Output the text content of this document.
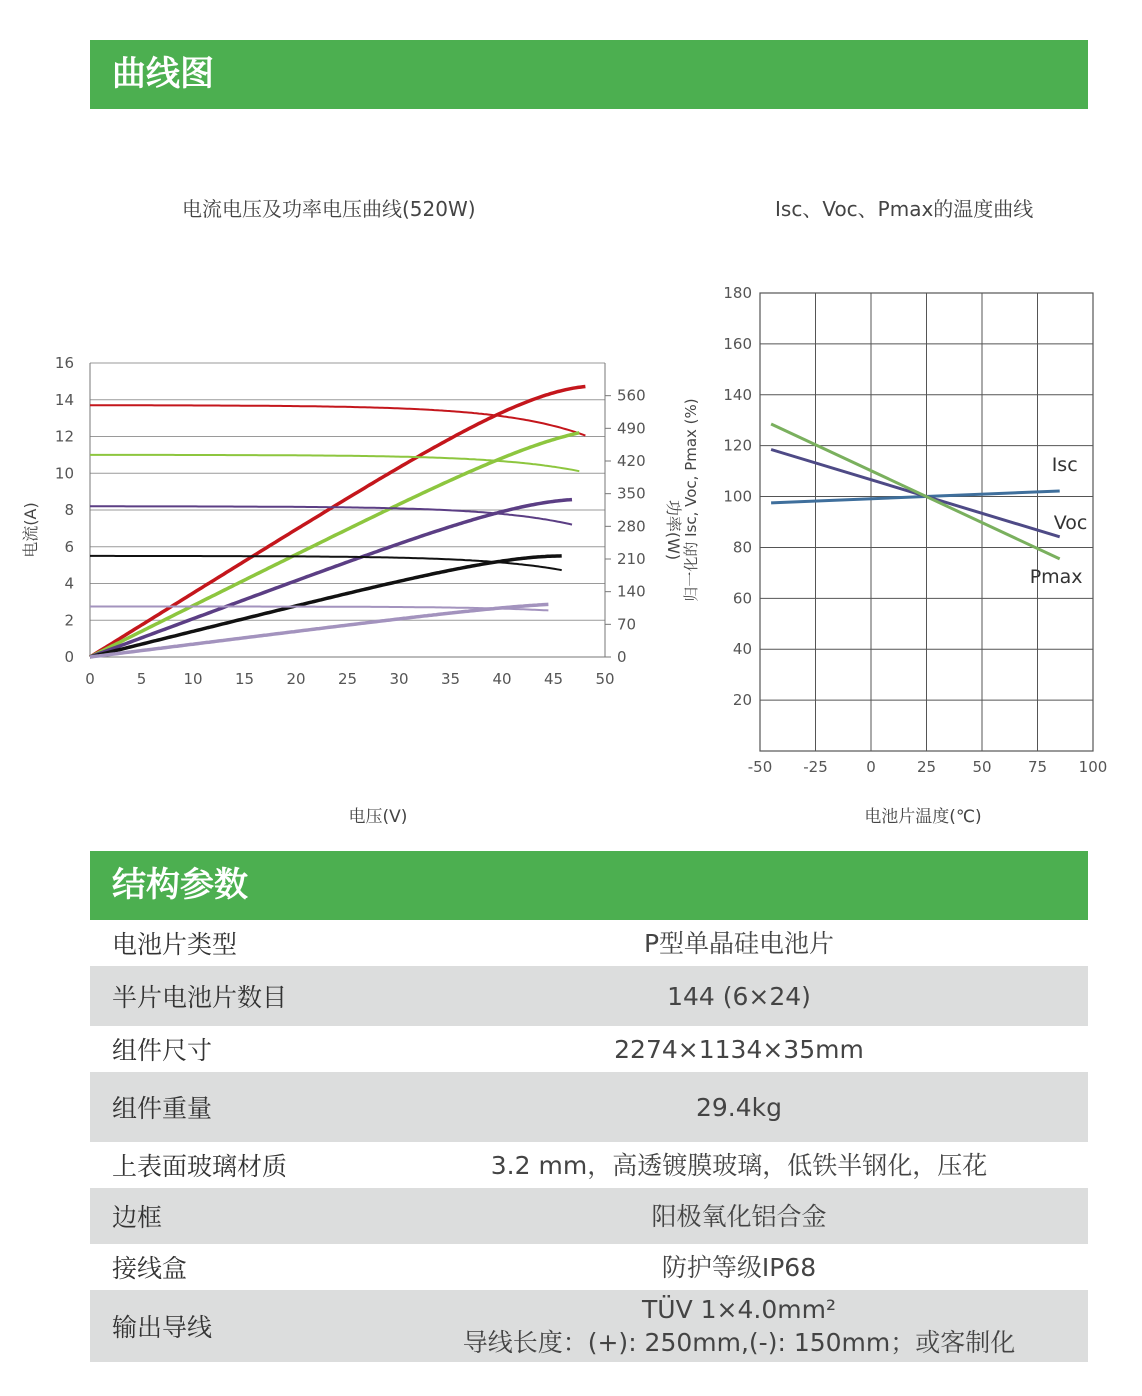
曲线图
电流电压及功率电压曲线(520W)	Isc、Voc、Pmax的温度曲线
0
2
4
6
8
10
12
14
16
0	5 10 15 20 25 30 35 40 45 50
0
70
140
210
280
350
420
490
560
电压(V)
电流(A)	功率(W)
20
40
60
80
100
120
140
160
180
-50 -25	0	25 50 75 100
电池片温度(℃)
归一化的 Isc, Voc, Pmax (%)	Isc
Voc
Pmax
结构参数
电池片类型	P型单晶硅电池片
半片电池片数目	144 (6×24)
组件尺寸	2274×1134×35mm
组件重量	29.4kg
上表面玻璃材质	3.2 mm，高透镀膜玻璃，低铁半钢化，压花
边框	阳极氧化铝合金
接线盒	防护等级IP68
输出导线
TÜV 1×4.0mm²
导线长度：(+): 250mm,(-): 150mm；或客制化
